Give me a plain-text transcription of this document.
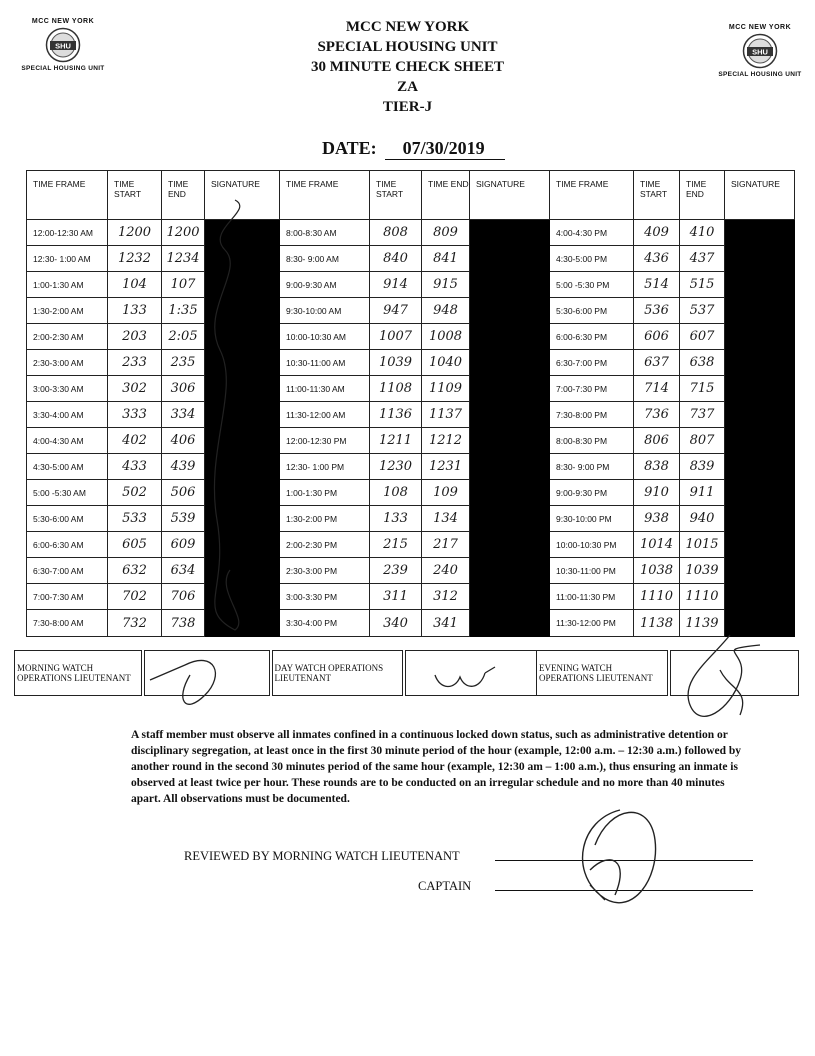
MCC NEW YORK
SHU
SPECIAL HOUSING UNIT
MCC NEW YORK
SHU
SPECIAL HOUSING UNIT
MCC NEW YORK
SPECIAL HOUSING UNIT
30 MINUTE CHECK SHEET
ZA
TIER-J
DATE: 07/30/2019
TIME FRAME	TIME START	TIME END	SIGNATURE	TIME FRAME	TIME START	TIME END	SIGNATURE	TIME FRAME	TIME START	TIME END	SIGNATURE
12:00-12:30 AM	1200	1200		8:00-8:30 AM	808	809		4:00-4:30 PM	409	410	
12:30- 1:00 AM	1232	1234		8:30- 9:00 AM	840	841		4:30-5:00 PM	436	437	
1:00-1:30 AM	104	107		9:00-9:30 AM	914	915		5:00 -5:30 PM	514	515	
1:30-2:00 AM	133	1:35		9:30-10:00 AM	947	948		5:30-6:00 PM	536	537	
2:00-2:30 AM	203	2:05		10:00-10:30 AM	1007	1008		6:00-6:30 PM	606	607	
2:30-3:00 AM	233	235		10:30-11:00 AM	1039	1040		6:30-7:00 PM	637	638	
3:00-3:30 AM	302	306		11:00-11:30 AM	1108	1109		7:00-7:30 PM	714	715	
3:30-4:00 AM	333	334		11:30-12:00 AM	1136	1137		7:30-8:00 PM	736	737	
4:00-4:30 AM	402	406		12:00-12:30 PM	1211	1212		8:00-8:30 PM	806	807	
4:30-5:00 AM	433	439		12:30- 1:00 PM	1230	1231		8:30- 9:00 PM	838	839	
5:00 -5:30 AM	502	506		1:00-1:30 PM	108	109		9:00-9:30 PM	910	911	
5:30-6:00 AM	533	539		1:30-2:00 PM	133	134		9:30-10:00 PM	938	940	
6:00-6:30 AM	605	609		2:00-2:30 PM	215	217		10:00-10:30 PM	1014	1015	
6:30-7:00 AM	632	634		2:30-3:00 PM	239	240		10:30-11:00 PM	1038	1039	
7:00-7:30 AM	702	706		3:00-3:30 PM	311	312		11:00-11:30 PM	1110	1110	
7:30-8:00 AM	732	738		3:30-4:00 PM	340	341		11:30-12:00 PM	1138	1139	
MORNING WATCH OPERATIONS LIEUTENANT		DAY WATCH OPERATIONS LIEUTENANT		EVENING WATCH OPERATIONS LIEUTENANT	
A staff member must observe all inmates confined in a continuous locked down status, such as administrative detention or disciplinary segregation, at least once in the first 30 minute period of the hour (example, 12:00 a.m. – 12:30 a.m.) followed by another round in the second 30 minutes period of the same hour (example, 12:30 am – 1:00 a.m.), thus ensuring an inmate is observed at least twice per hour. These rounds are to be conducted on an irregular schedule and no more than 40 minutes apart. All observations must be documented.
REVIEWED BY MORNING WATCH LIEUTENANT
CAPTAIN
